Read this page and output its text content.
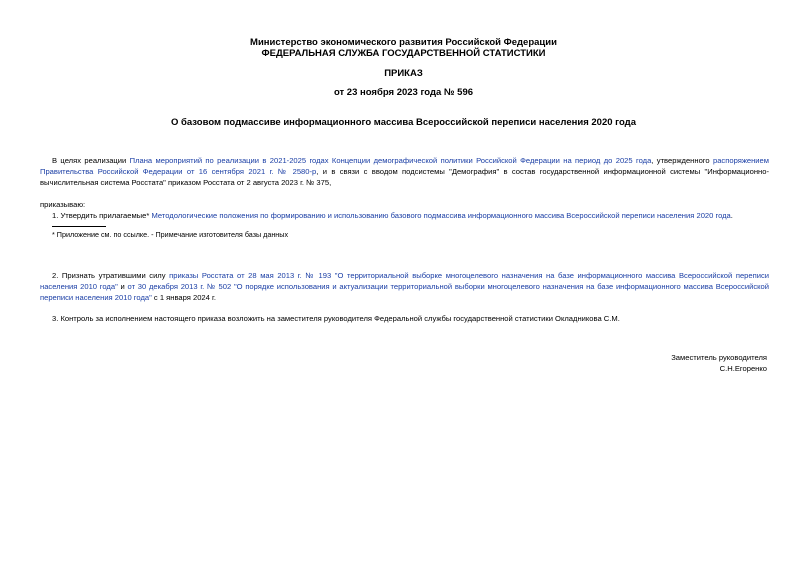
Министерство экономического развития Российской Федерации
ФЕДЕРАЛЬНАЯ СЛУЖБА ГОСУДАРСТВЕННОЙ СТАТИСТИКИ
ПРИКАЗ
от 23 ноября 2023 года № 596
О базовом подмассиве информационного массива Всероссийской переписи населения 2020 года
В целях реализации Плана мероприятий по реализации в 2021-2025 годах Концепции демографической политики Российской Федерации на период до 2025 года, утвержденного распоряжением Правительства Российской Федерации от 16 сентября 2021 г. № 2580-р, и в связи с вводом подсистемы "Демография" в состав государственной информационной системы "Информационно-вычислительная система Росстата" приказом Росстата от 2 августа 2023 г. № 375,
приказываю:
1. Утвердить прилагаемые* Методологические положения по формированию и использованию базового подмассива информационного массива Всероссийской переписи населения 2020 года.
* Приложение см. по ссылке. - Примечание изготовителя базы данных
2. Признать утратившими силу приказы Росстата от 28 мая 2013 г. № 193 "О территориальной выборке многоцелевого назначения на базе информационного массива Всероссийской переписи населения 2010 года" и от 30 декабря 2013 г. № 502 "О порядке использования и актуализации территориальной выборки многоцелевого назначения на базе информационного массива Всероссийской переписи населения 2010 года" с 1 января 2024 г.
3. Контроль за исполнением настоящего приказа возложить на заместителя руководителя Федеральной службы государственной статистики Окладникова С.М.
Заместитель руководителя
С.Н.Егоренко
